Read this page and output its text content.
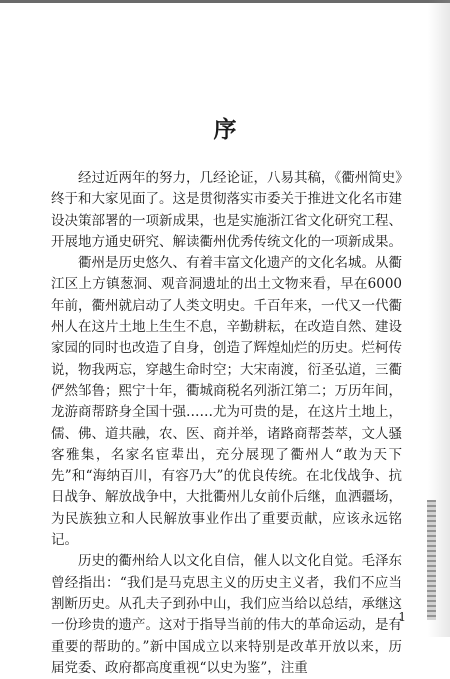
序

经过近两年的努力，几经论证，八易其稿，《衢州简史》终于和大家见面了。这是贯彻落实市委关于推进文化名市建设决策部署的一项新成果，也是实施浙江省文化研究工程、开展地方通史研究、解读衢州优秀传统文化的一项新成果。

衢州是历史悠久、有着丰富文化遗产的文化名城。从衢江区上方镇葱洞、观音洞遗址的出土文物来看，早在6000年前，衢州就启动了人类文明史。千百年来，一代又一代衢州人在这片土地上生生不息，辛勤耕耘，在改造自然、建设家园的同时也改造了自身，创造了辉煌灿烂的历史。烂柯传说，物我两忘，穿越生命时空；大宋南渡，衍圣弘道，三衢俨然邹鲁；熙宁十年，衢城商税名列浙江第二；万历年间，龙游商帮跻身全国十强……尤为可贵的是，在这片土地上，儒、佛、道共融，农、医、商并举，诸路商帮荟萃，文人骚客雅集，名家名宦辈出，充分展现了衢州人“敢为天下先”和“海纳百川，有容乃大”的优良传统。在北伐战争、抗日战争、解放战争中，大批衢州儿女前仆后继，血洒疆场，为民族独立和人民解放事业作出了重要贡献，应该永远铭记。

历史的衢州给人以文化自信，催人以文化自觉。毛泽东曾经指出：“我们是马克思主义的历史主义者，我们不应当割断历史。从孔夫子到孙中山，我们应当给以总结，承继这一份珍贵的遗产。这对于指导当前的伟大的革命运动，是有重要的帮助的。”新中国成立以来特别是改革开放以来，历届党委、政府都高度重视“以史为鉴”，注重

1
